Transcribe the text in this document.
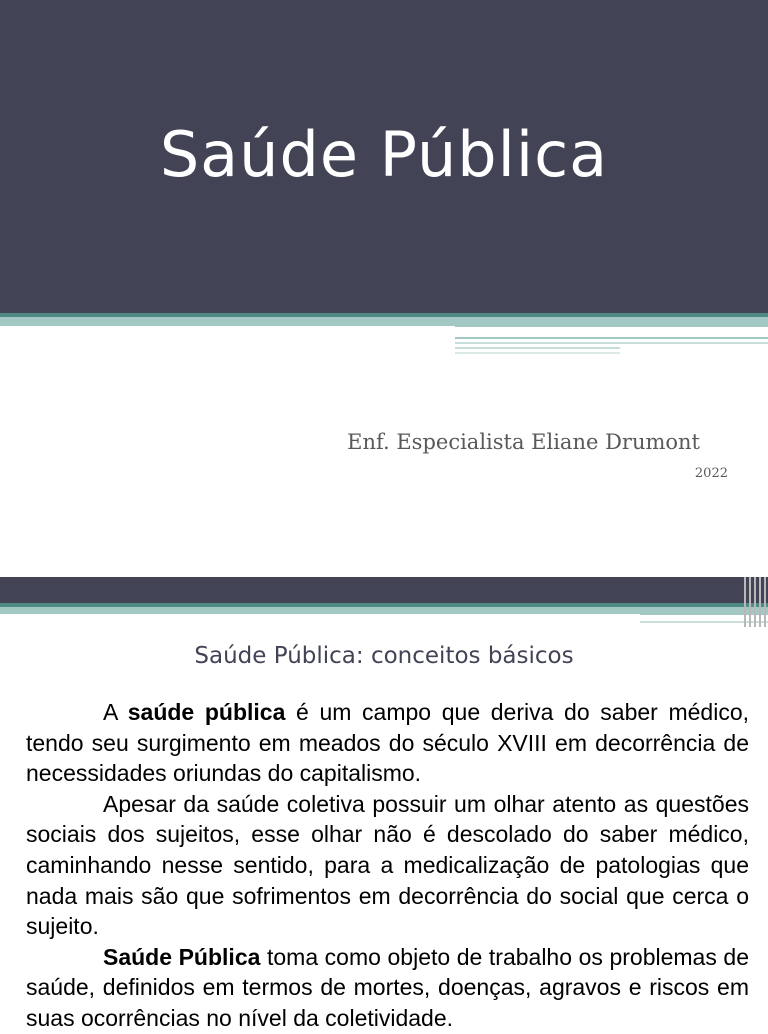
Saúde Pública
Enf. Especialista Eliane Drumont
2022
Saúde Pública: conceitos básicos

A saúde pública é um campo que deriva do saber médico, tendo seu surgimento em meados do século XVIII em decorrência de necessidades oriundas do capitalismo.

Apesar da saúde coletiva possuir um olhar atento as questões sociais dos sujeitos, esse olhar não é descolado do saber médico, caminhando nesse sentido, para a medicalização de patologias que nada mais são que sofrimentos em decorrência do social que cerca o sujeito.

Saúde Pública toma como objeto de trabalho os problemas de saúde, definidos em termos de mortes, doenças, agravos e riscos em suas ocorrências no nível da coletividade.
